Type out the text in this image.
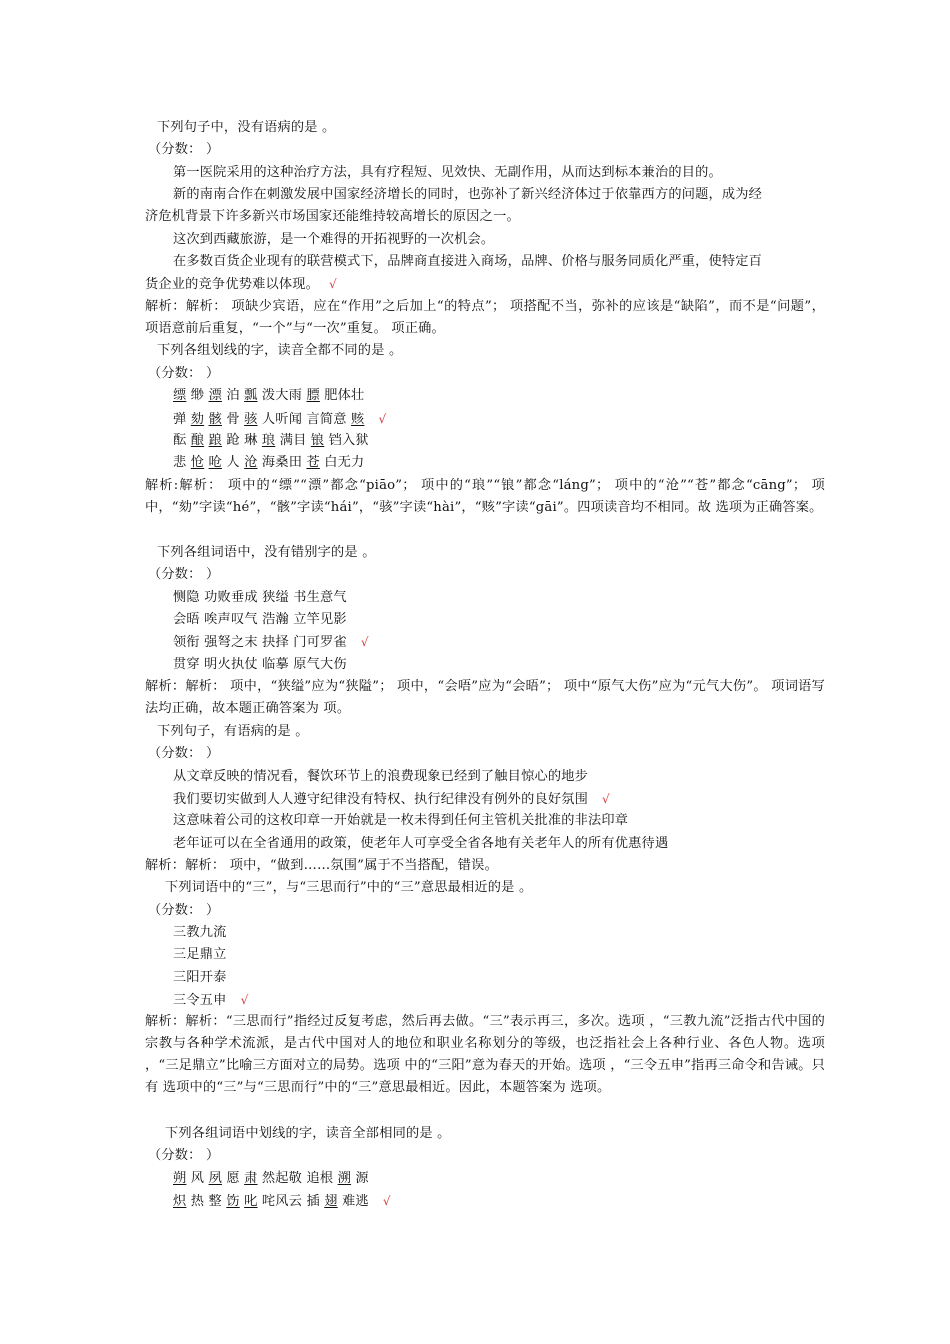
下列句子中，没有语病的是 。
（分数： ）
第一医院采用的这种治疗方法，具有疗程短、见效快、无副作用，从而达到标本兼治的目的。
新的南南合作在刺激发展中国家经济增长的同时，也弥补了新兴经济体过于依靠西方的问题，成为经
济危机背景下许多新兴市场国家还能维持较高增长的原因之一。
这次到西藏旅游，是一个难得的开拓视野的一次机会。
在多数百货企业现有的联营模式下，品牌商直接进入商场，品牌、价格与服务同质化严重，使特定百
货企业的竞争优势难以体现。 √
解析：解析： 项缺少宾语，应在“作用”之后加上“的特点”； 项搭配不当，弥补的应该是“缺陷”，而不是“问题”， 项语意前后重复，“一个”与“一次”重复。 项正确。
下列各组划线的字，读音全都不同的是 。
（分数： ）
缥 缈 漂 泊 瓢 泼大雨 膘 肥体壮
弹 劾 骸 骨 骇 人听闻 言简意 赅 √
酝 酿 踉 跄 琳 琅 满目 锒 铛入狱
悲 怆 呛 人 沧 海桑田 苍 白无力
解析:解析： 项中的“缥”“漂”都念“piāo”； 项中的“琅”“锒”都念“láng”； 项中的“沧”“苍”都念“cāng”； 项中，“劾”字读“hé”，“骸”字读“hái”，“骇”字读“hài”，“赅”字读“gāi”。四项读音均不相同。故 选项为正确答案。
下列各组词语中，没有错别字的是 。
（分数： ）
恻隐 功败垂成 狭缢 书生意气
会晤 唉声叹气 浩瀚 立竿见影
领衔 强弩之末 抉择 门可罗雀 √
贯穿 明火执仗 临摹 原气大伤
解析：解析： 项中，“狭缢”应为“狭隘”； 项中，“会唔”应为“会晤”； 项中“原气大伤”应为“元气大伤”。 项词语写法均正确，故本题正确答案为 项。
下列句子，有语病的是 。
（分数： ）
从文章反映的情况看，餐饮环节上的浪费现象已经到了触目惊心的地步
我们要切实做到人人遵守纪律没有特权、执行纪律没有例外的良好氛围 √
这意味着公司的这枚印章一开始就是一枚未得到任何主管机关批准的非法印章
老年证可以在全省通用的政策，使老年人可享受全省各地有关老年人的所有优惠待遇
解析：解析： 项中，“做到……氛围”属于不当搭配，错误。
下列词语中的“三”，与“三思而行”中的“三”意思最相近的是 。
（分数： ）
三教九流
三足鼎立
三阳开泰
三令五申 √
解析：解析：“三思而行”指经过反复考虑，然后再去做。“三”表示再三，多次。选项 ，“三教九流”泛指古代中国的宗教与各种学术流派，是古代中国对人的地位和职业名称划分的等级，也泛指社会上各种行业、各色人物。选项 ，“三足鼎立”比喻三方面对立的局势。选项 中的“三阳”意为春天的开始。选项 ，“三令五申”指再三命令和告诫。只有 选项中的“三”与“三思而行”中的“三”意思最相近。因此，本题答案为 选项。
下列各组词语中划线的字，读音全部相同的是 。
（分数： ）
朔 风 夙 愿 肃 然起敬 追根 溯 源
炽 热 整 饬 叱 咤风云 插 翅 难逃 √
